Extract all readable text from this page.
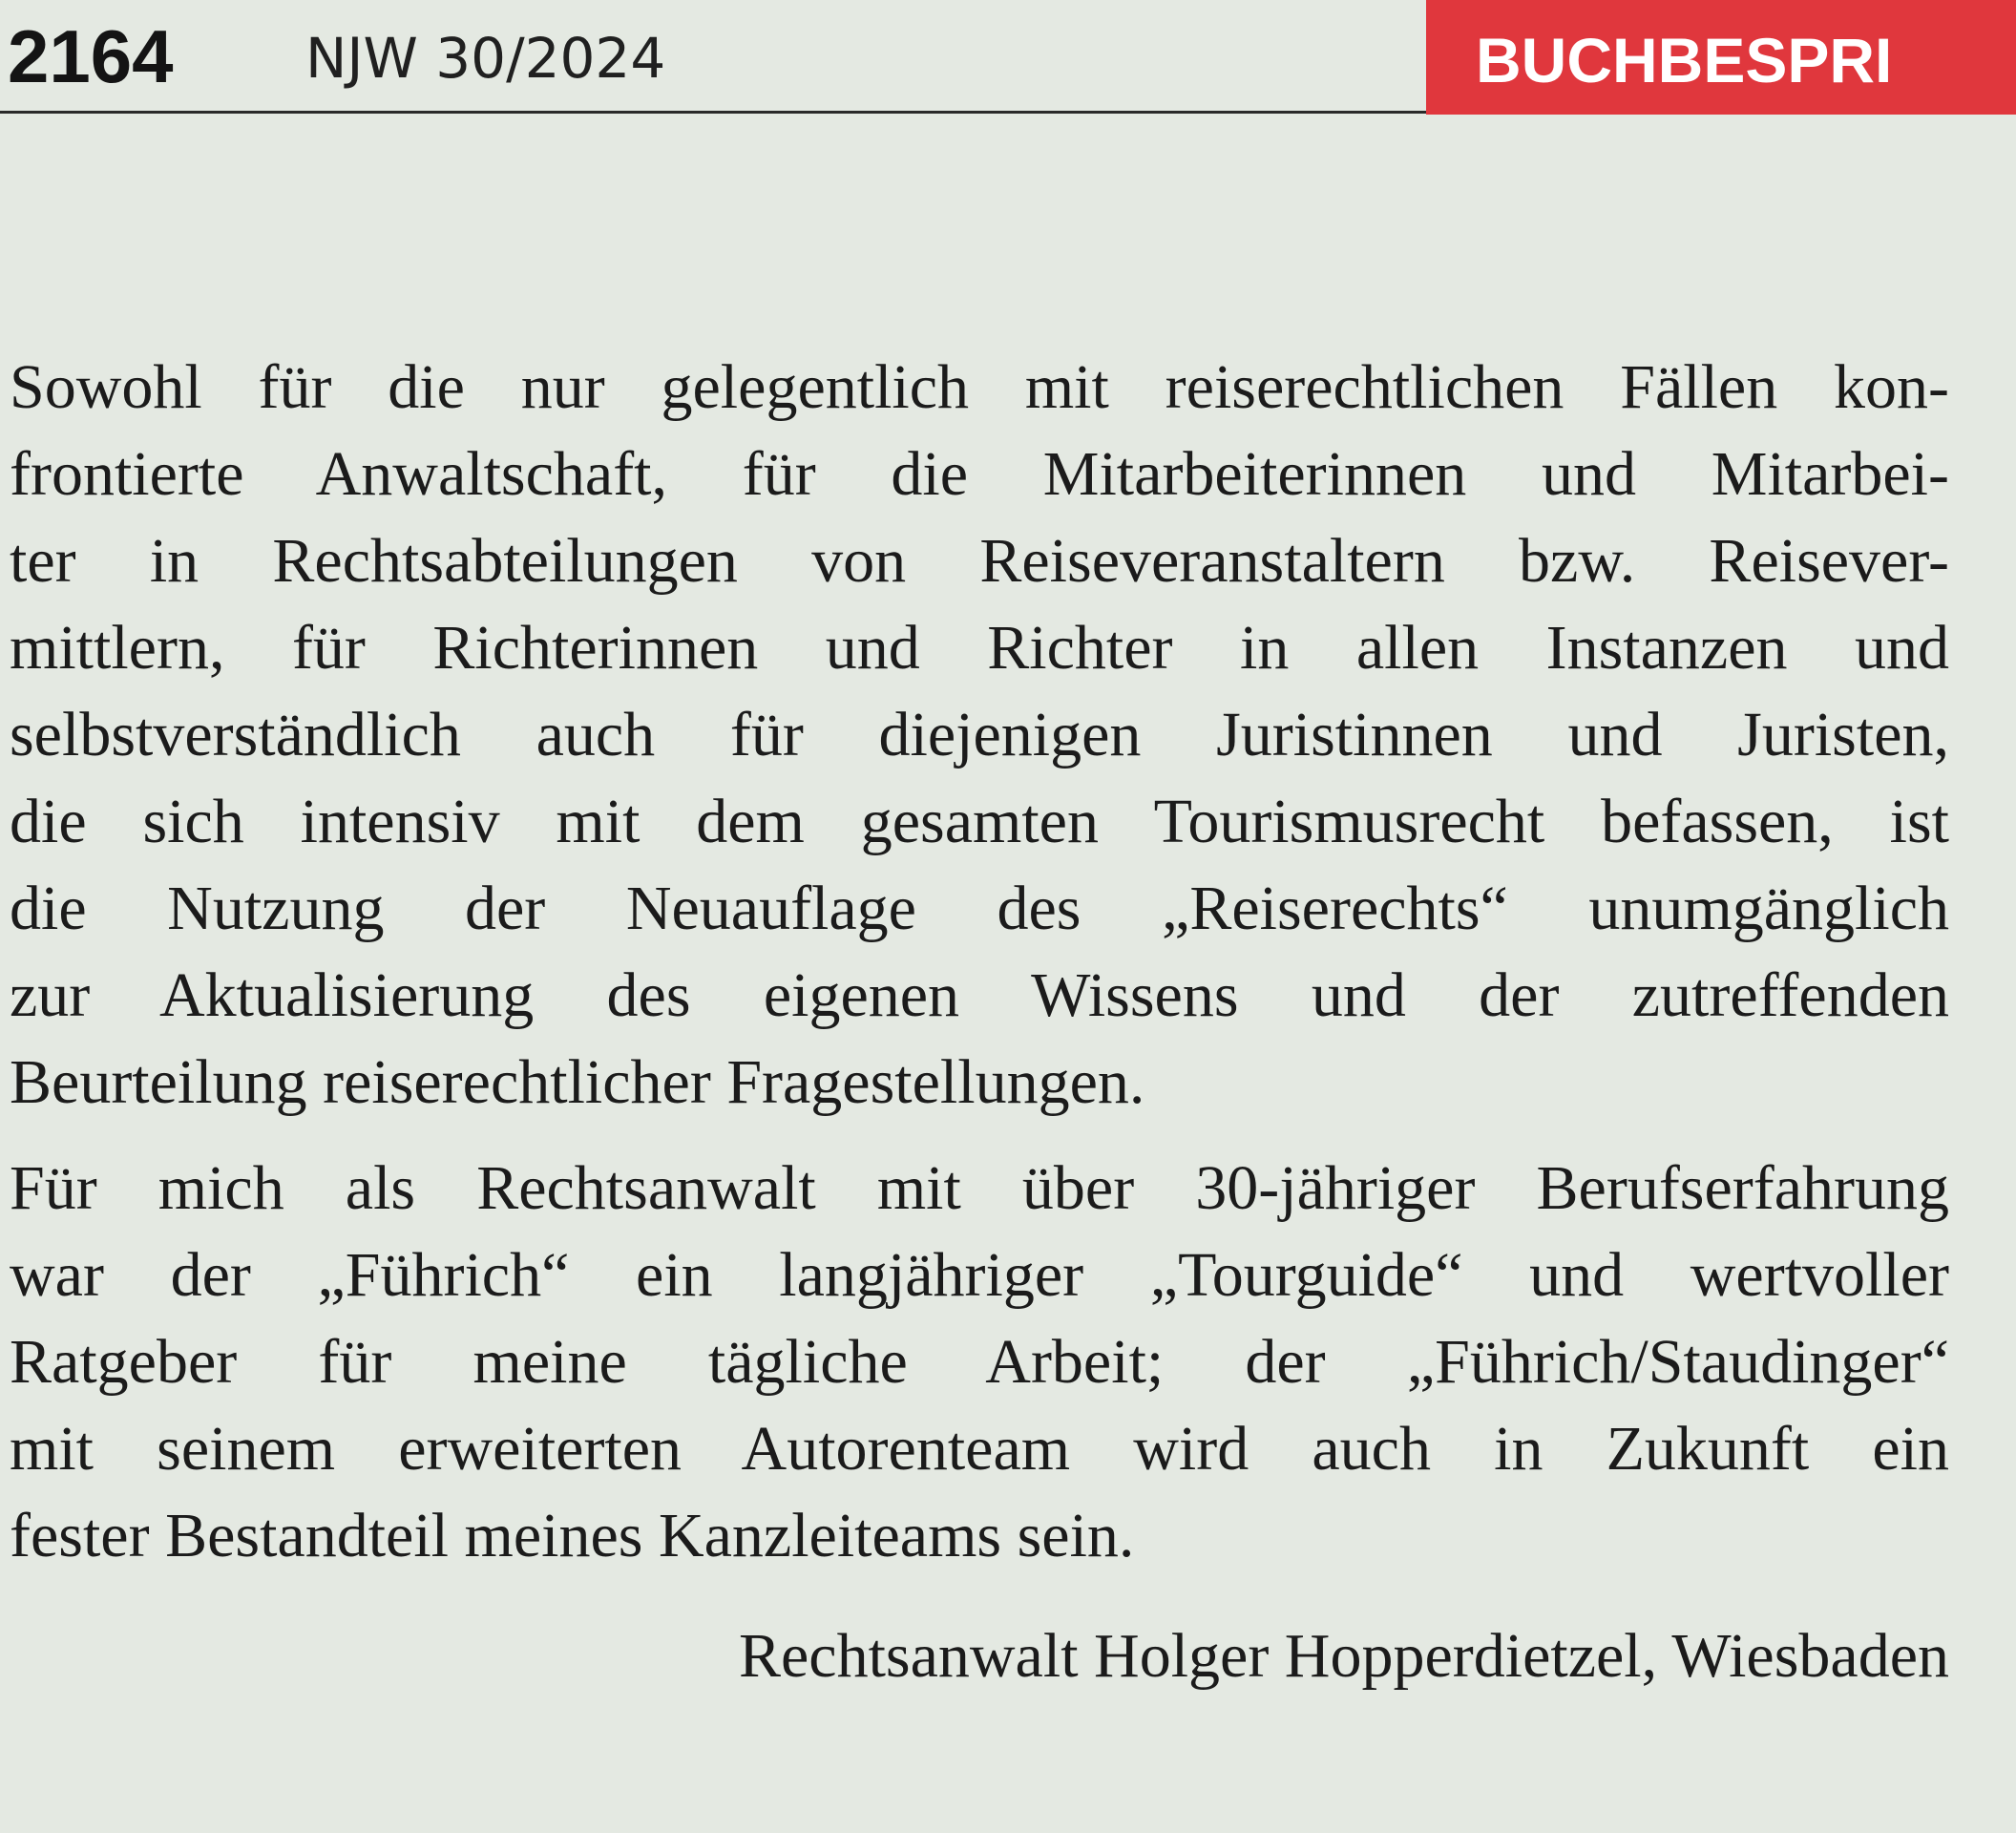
2164 NJW 30/2024	BUCHBESPRI

Sowohl für die nur gelegentlich mit reiserechtlichen Fällen kon-

frontierte Anwaltschaft, für die Mitarbeiterinnen und Mitarbei-

ter in Rechtsabteilungen von Reiseveranstaltern bzw. Reisever-

mittlern, für Richterinnen und Richter in allen Instanzen und

selbstverständlich auch für diejenigen Juristinnen und Juristen,

die sich intensiv mit dem gesamten Tourismusrecht befassen, ist

die Nutzung der Neuauflage des „Reiserechts“ unumgänglich

zur Aktualisierung des eigenen Wissens und der zutreffenden

Beurteilung reiserechtlicher Fragestellungen.

Für mich als Rechtsanwalt mit über 30-jähriger Berufserfahrung

war der „Führich“ ein langjähriger „Tourguide“ und wertvoller

Ratgeber für meine tägliche Arbeit; der „Führich/Staudinger“

mit seinem erweiterten Autorenteam wird auch in Zukunft ein

fester Bestandteil meines Kanzleiteams sein.

Rechtsanwalt Holger Hopperdietzel, Wiesbaden
